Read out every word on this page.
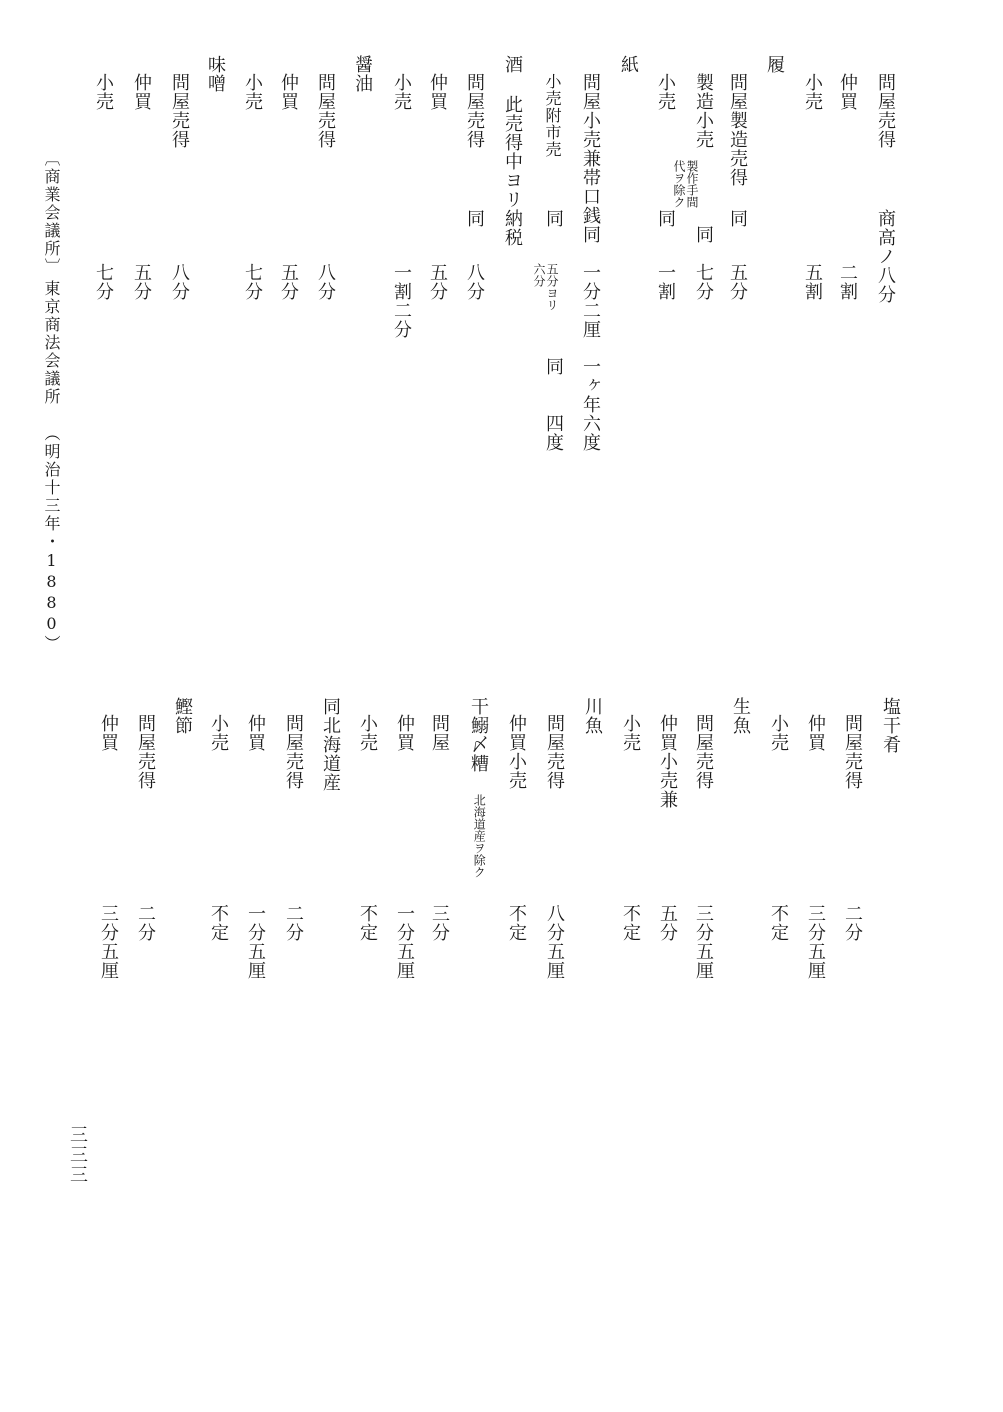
問屋売得
商高ノ八分
仲買
二割
小売
五割
履
問屋製造売得
同
五分
製造小売
製作手間
代ヲ除ク
同
七分
小売
同
一割
紙
問屋小売兼帯口銭同
一分二厘
一ヶ年六度
小売附市売
同
五分ヨリ
六分
同
四度
酒
此売得中ヨリ納税
問屋売得
同
八分
仲買
五分
小売
一割二分
醤油
問屋売得
八分
仲買
五分
小売
七分
味噌
問屋売得
八分
仲買
五分
小売
七分
塩干肴
問屋売得
二分
仲買
三分五厘
小売
不定
生魚
問屋売得
三分五厘
仲買小売兼
五分
小売
不定
川魚
問屋売得
八分五厘
仲買小売
不定
干鰯〆糟
北海道産ヲ除ク
問屋
三分
仲買
一分五厘
小売
不定
同北海道産
問屋売得
二分
仲買
一分五厘
小売
不定
鰹節
問屋売得
二分
仲買
三分五厘
〔商業会議所〕
東京商法会議所
（明治十三年・1880）
三三三
